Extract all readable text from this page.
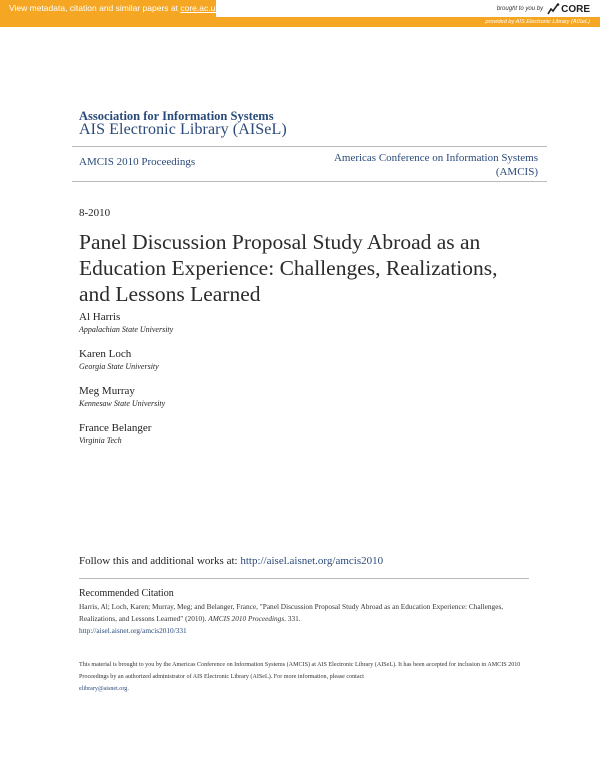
View metadata, citation and similar papers at core.ac.uk	brought to you by CORE
provided by AIS Electronic Library (AISeL)
Association for Information Systems
AIS Electronic Library (AISeL)
AMCIS 2010 Proceedings	Americas Conference on Information Systems
(AMCIS)
8-2010
Panel Discussion Proposal Study Abroad as an Education Experience: Challenges, Realizations, and Lessons Learned
Al Harris
Appalachian State University
Karen Loch
Georgia State University
Meg Murray
Kennesaw State University
France Belanger
Virginia Tech
Follow this and additional works at: http://aisel.aisnet.org/amcis2010
Recommended Citation
Harris, Al; Loch, Karen; Murray, Meg; and Belanger, France, "Panel Discussion Proposal Study Abroad as an Education Experience: Challenges, Realizations, and Lessons Learned" (2010). AMCIS 2010 Proceedings. 331.
http://aisel.aisnet.org/amcis2010/331
This material is brought to you by the Americas Conference on Information Systems (AMCIS) at AIS Electronic Library (AISeL). It has been accepted for inclusion in AMCIS 2010 Proceedings by an authorized administrator of AIS Electronic Library (AISeL). For more information, please contact
elibrary@aisnet.org.
